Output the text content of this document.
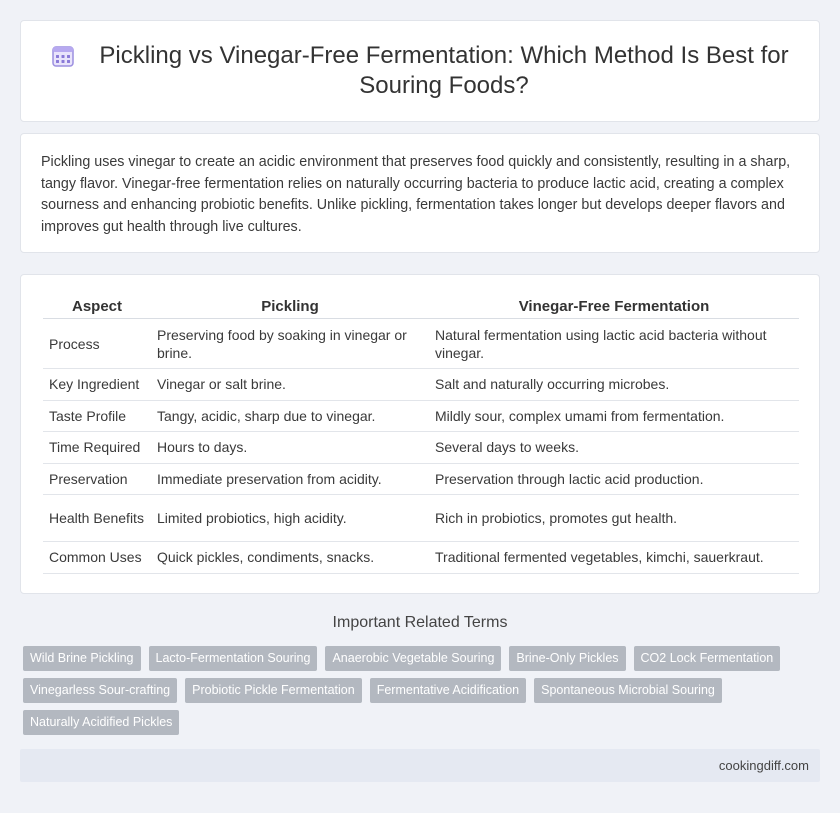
Pickling vs Vinegar-Free Fermentation: Which Method Is Best for Souring Foods?

Pickling uses vinegar to create an acidic environment that preserves food quickly and consistently, resulting in a sharp, tangy flavor. Vinegar-free fermentation relies on naturally occurring bacteria to produce lactic acid, creating a complex sourness and enhancing probiotic benefits. Unlike pickling, fermentation takes longer but develops deeper flavors and improves gut health through live cultures.

Aspect	Pickling	Vinegar-Free Fermentation
Process	Preserving food by soaking in vinegar or brine.	Natural fermentation using lactic acid bacteria without vinegar.
Key Ingredient	Vinegar or salt brine.	Salt and naturally occurring microbes.
Taste Profile	Tangy, acidic, sharp due to vinegar.	Mildly sour, complex umami from fermentation.
Time Required	Hours to days.	Several days to weeks.
Preservation	Immediate preservation from acidity.	Preservation through lactic acid production.
Health Benefits	Limited probiotics, high acidity.	Rich in probiotics, promotes gut health.
Common Uses	Quick pickles, condiments, snacks.	Traditional fermented vegetables, kimchi, sauerkraut.
Important Related Terms
Wild Brine Pickling	Lacto-Fermentation Souring	Anaerobic Vegetable Souring	Brine-Only Pickles	CO2 Lock Fermentation
Vinegarless Sour-crafting	Probiotic Pickle Fermentation	Fermentative Acidification	Spontaneous Microbial Souring
Naturally Acidified Pickles
cookingdiff.com
